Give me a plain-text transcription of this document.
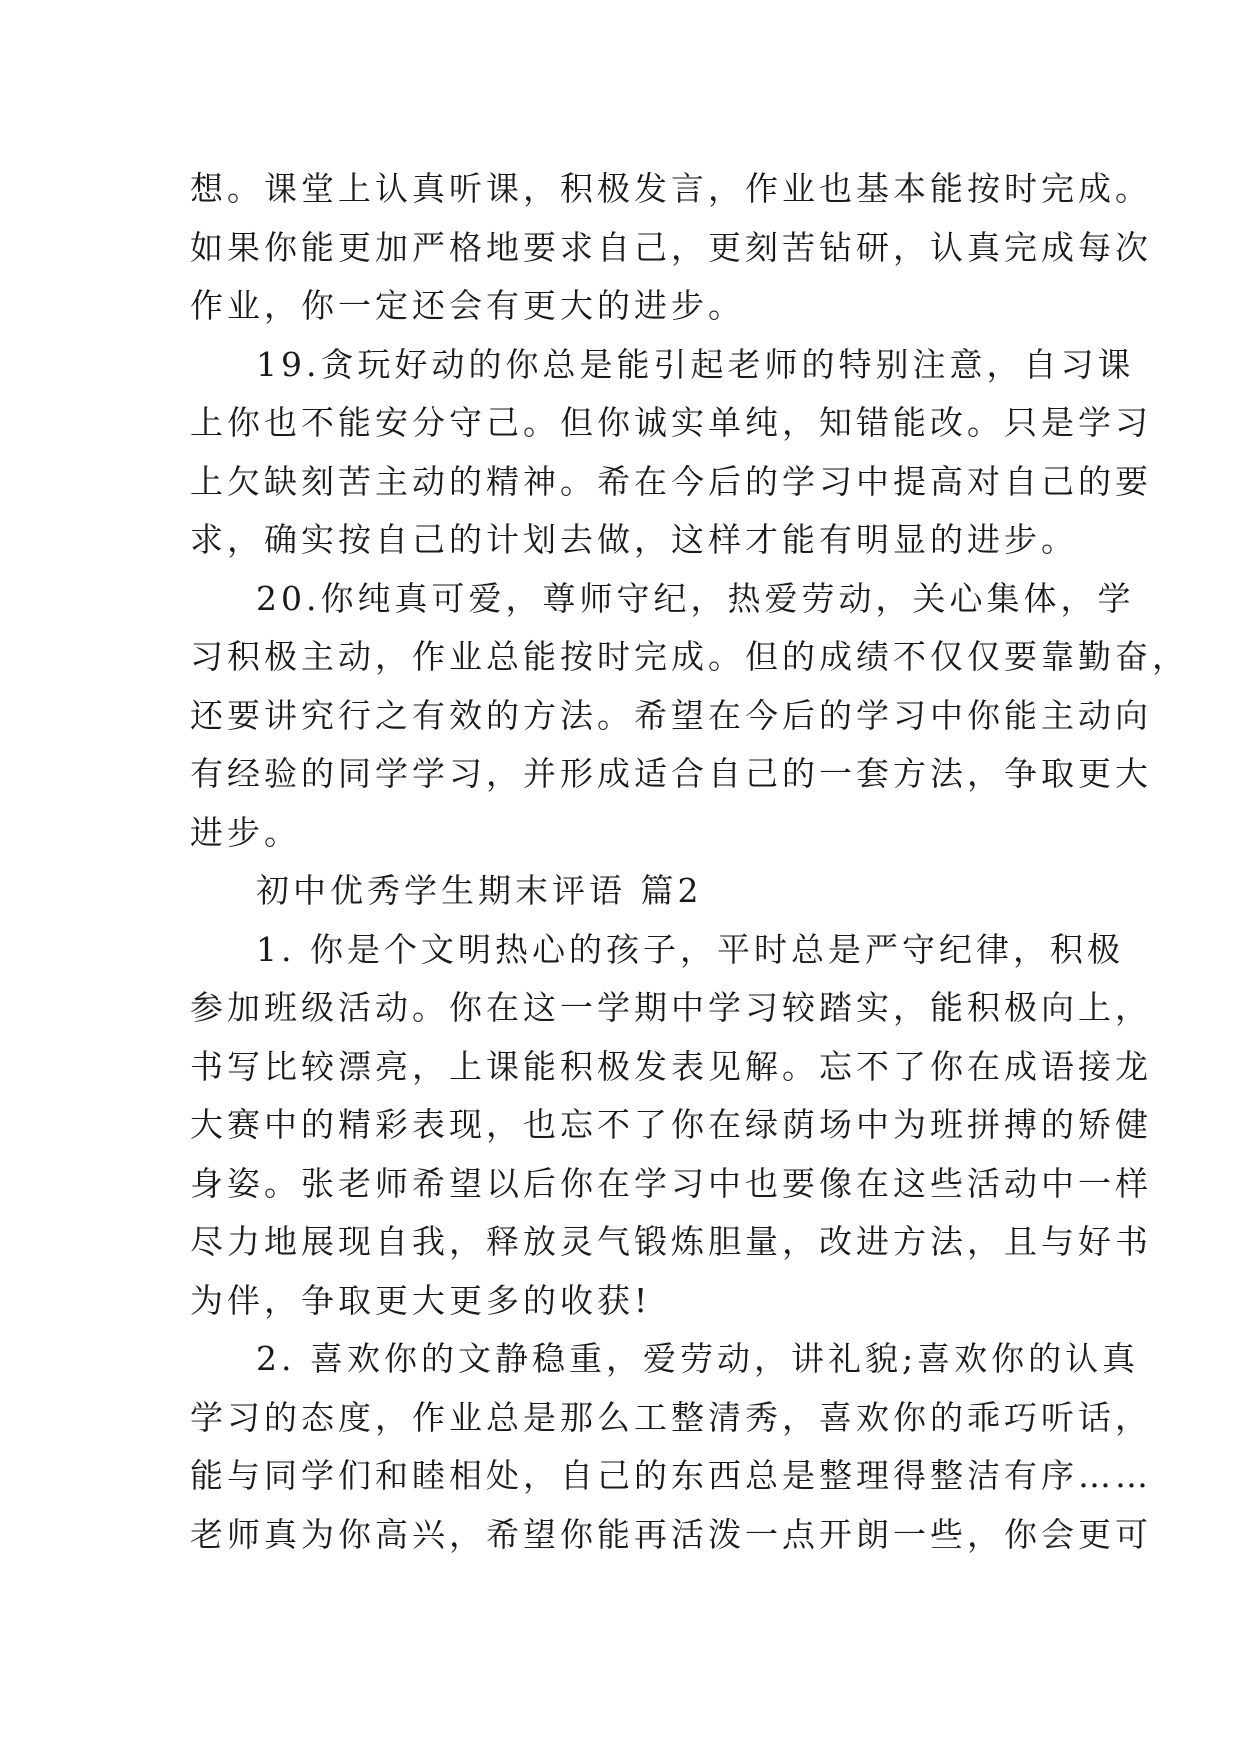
想。课堂上认真听课，积极发言，作业也基本能按时完成。
如果你能更加严格地要求自己，更刻苦钻研，认真完成每次
作业，你一定还会有更大的进步。
19.贪玩好动的你总是能引起老师的特别注意，自习课
上你也不能安分守己。但你诚实单纯，知错能改。只是学习
上欠缺刻苦主动的精神。希在今后的学习中提高对自己的要
求，确实按自己的计划去做，这样才能有明显的进步。
20.你纯真可爱，尊师守纪，热爱劳动，关心集体，学
习积极主动，作业总能按时完成。但的成绩不仅仅要靠勤奋，
还要讲究行之有效的方法。希望在今后的学习中你能主动向
有经验的同学学习，并形成适合自己的一套方法，争取更大
进步。
初中优秀学生期末评语 篇2
1. 你是个文明热心的孩子，平时总是严守纪律，积极
参加班级活动。你在这一学期中学习较踏实，能积极向上，
书写比较漂亮，上课能积极发表见解。忘不了你在成语接龙
大赛中的精彩表现，也忘不了你在绿荫场中为班拼搏的矫健
身姿。张老师希望以后你在学习中也要像在这些活动中一样
尽力地展现自我，释放灵气锻炼胆量，改进方法，且与好书
为伴，争取更大更多的收获!
2. 喜欢你的文静稳重，爱劳动，讲礼貌;喜欢你的认真
学习的态度，作业总是那么工整清秀，喜欢你的乖巧听话，
能与同学们和睦相处，自己的东西总是整理得整洁有序……
老师真为你高兴，希望你能再活泼一点开朗一些，你会更可
